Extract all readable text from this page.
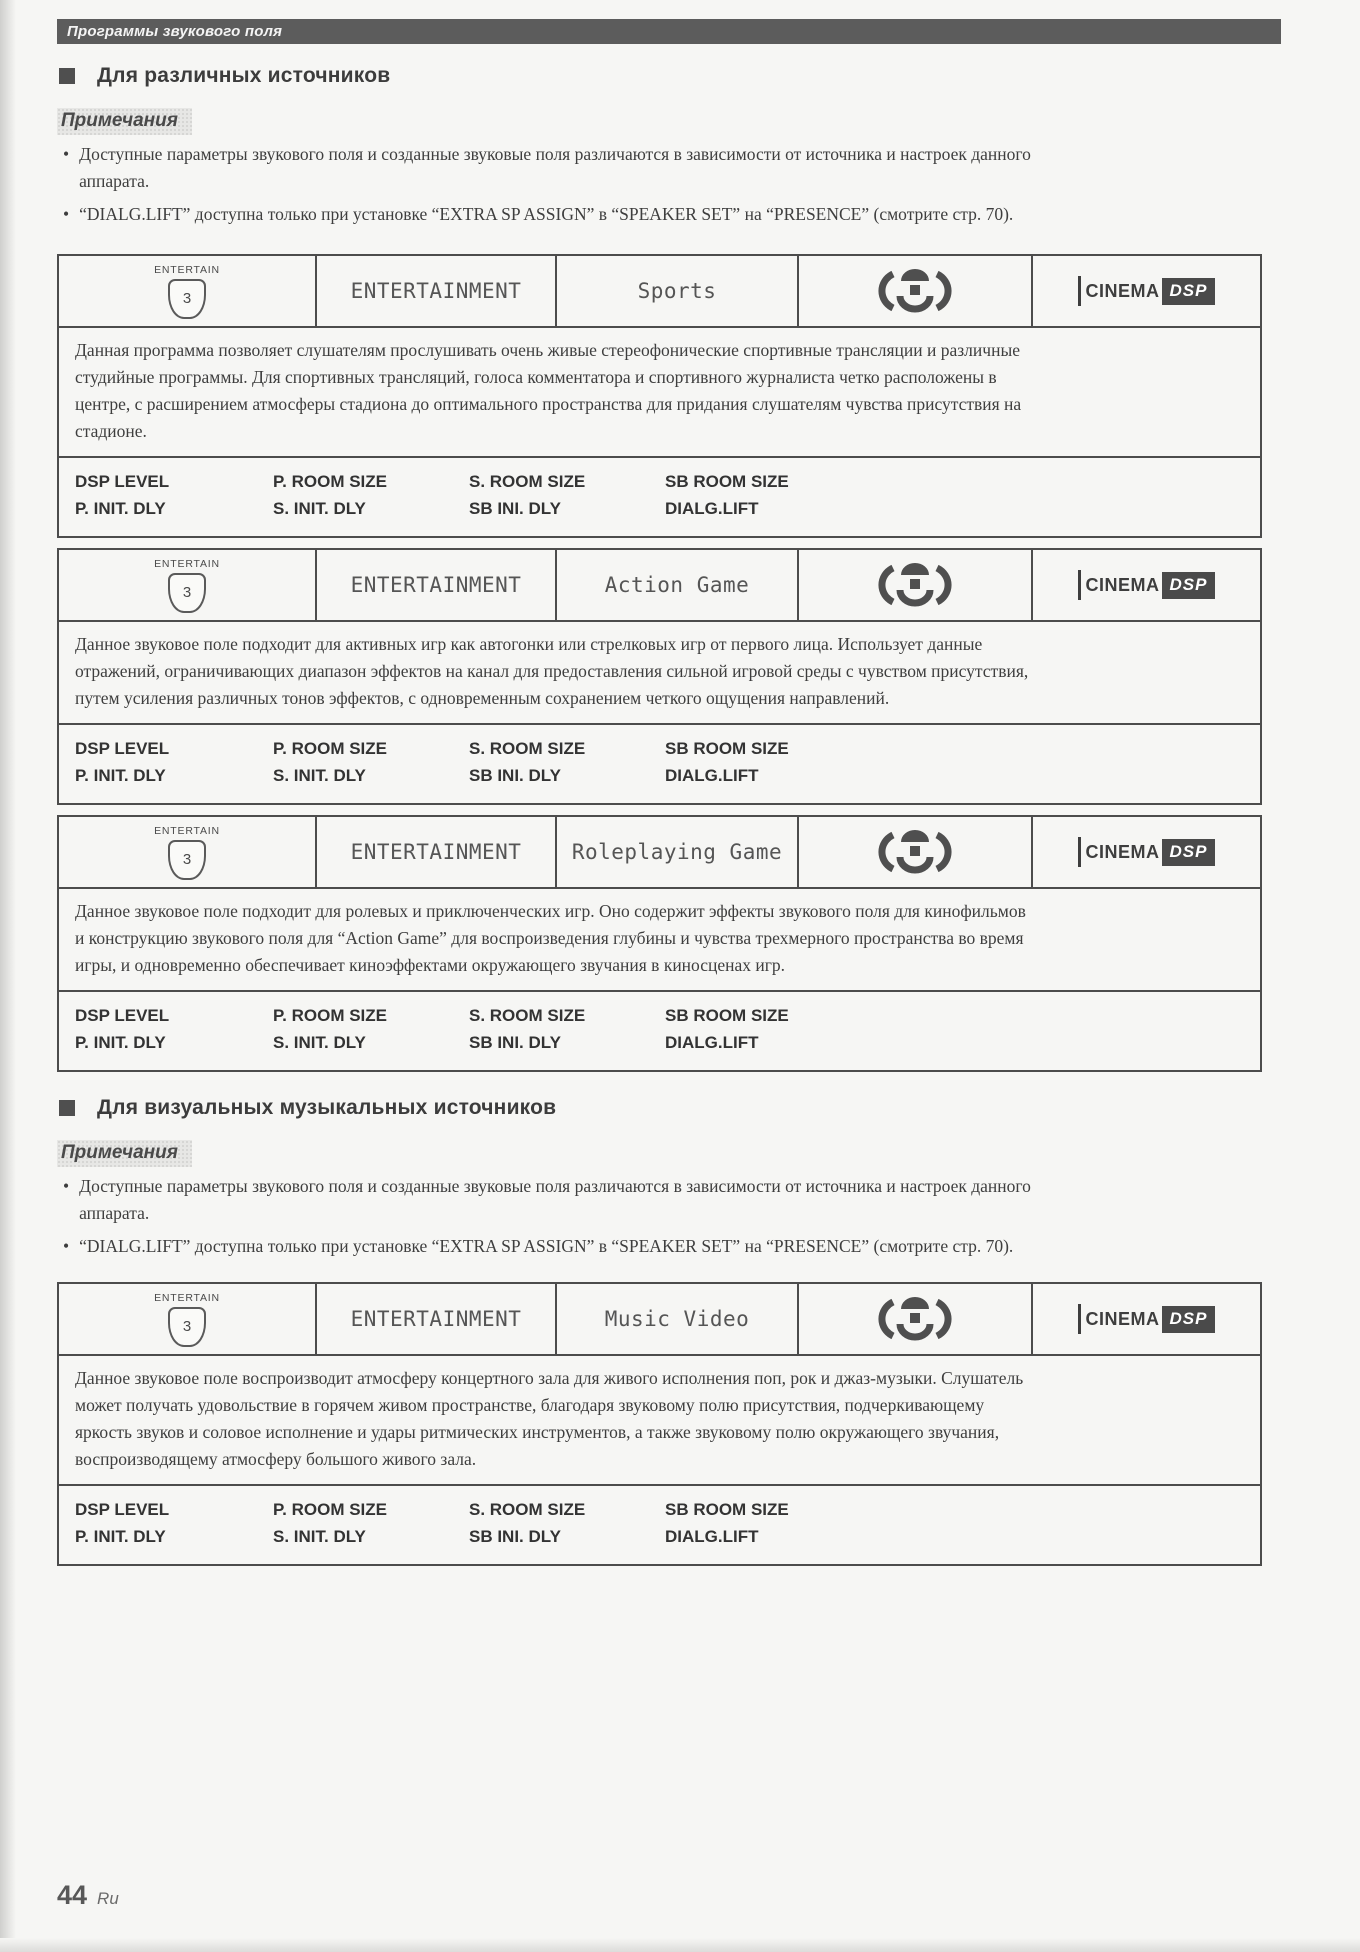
Программы звукового поля
Для различных источников
Примечания
• Доступные параметры звукового поля и созданные звуковые поля различаются в зависимости от источника и настроек данного аппарата.
• “DIALG.LIFT” доступна только при установке “EXTRA SP ASSIGN” в “SPEAKER SET” на “PRESENCE” (смотрите стр. 70).
ENTERTAIN
3	ENTERTAINMENT	Sports	CINEMA DSP
Данная программа позволяет слушателям прослушивать очень живые стереофонические спортивные трансляции и различные студийные программы. Для спортивных трансляций, голоса комментатора и спортивного журналиста четко расположены в центре, с расширением атмосферы стадиона до оптимального пространства для придания слушателям чувства присутствия на стадионе.
DSP LEVEL	P. ROOM SIZE	S. ROOM SIZE	SB ROOM SIZE
P. INIT. DLY	S. INIT. DLY	SB INI. DLY	DIALG.LIFT
ENTERTAIN
3	ENTERTAINMENT	Action Game	CINEMA DSP
Данное звуковое поле подходит для активных игр как автогонки или стрелковых игр от первого лица. Использует данные отражений, ограничивающих диапазон эффектов на канал для предоставления сильной игровой среды с чувством присутствия, путем усиления различных тонов эффектов, с одновременным сохранением четкого ощущения направлений.
DSP LEVEL	P. ROOM SIZE	S. ROOM SIZE	SB ROOM SIZE
P. INIT. DLY	S. INIT. DLY	SB INI. DLY	DIALG.LIFT
ENTERTAIN
3	ENTERTAINMENT	Roleplaying Game	CINEMA DSP
Данное звуковое поле подходит для ролевых и приключенческих игр. Оно содержит эффекты звукового поля для кинофильмов и конструкцию звукового поля для “Action Game” для воспроизведения глубины и чувства трехмерного пространства во время игры, и одновременно обеспечивает киноэффектами окружающего звучания в киносценах игр.
DSP LEVEL	P. ROOM SIZE	S. ROOM SIZE	SB ROOM SIZE
P. INIT. DLY	S. INIT. DLY	SB INI. DLY	DIALG.LIFT
Для визуальных музыкальных источников
Примечания
• Доступные параметры звукового поля и созданные звуковые поля различаются в зависимости от источника и настроек данного аппарата.
• “DIALG.LIFT” доступна только при установке “EXTRA SP ASSIGN” в “SPEAKER SET” на “PRESENCE” (смотрите стр. 70).
ENTERTAIN
3	ENTERTAINMENT	Music Video	CINEMA DSP
Данное звуковое поле воспроизводит атмосферу концертного зала для живого исполнения поп, рок и джаз-музыки. Слушатель может получать удовольствие в горячем живом пространстве, благодаря звуковому полю присутствия, подчеркивающему яркость звуков и соловое исполнение и удары ритмических инструментов, а также звуковому полю окружающего звучания, воспроизводящему атмосферу большого живого зала.
DSP LEVEL	P. ROOM SIZE	S. ROOM SIZE	SB ROOM SIZE
P. INIT. DLY	S. INIT. DLY	SB INI. DLY	DIALG.LIFT
44 Ru
